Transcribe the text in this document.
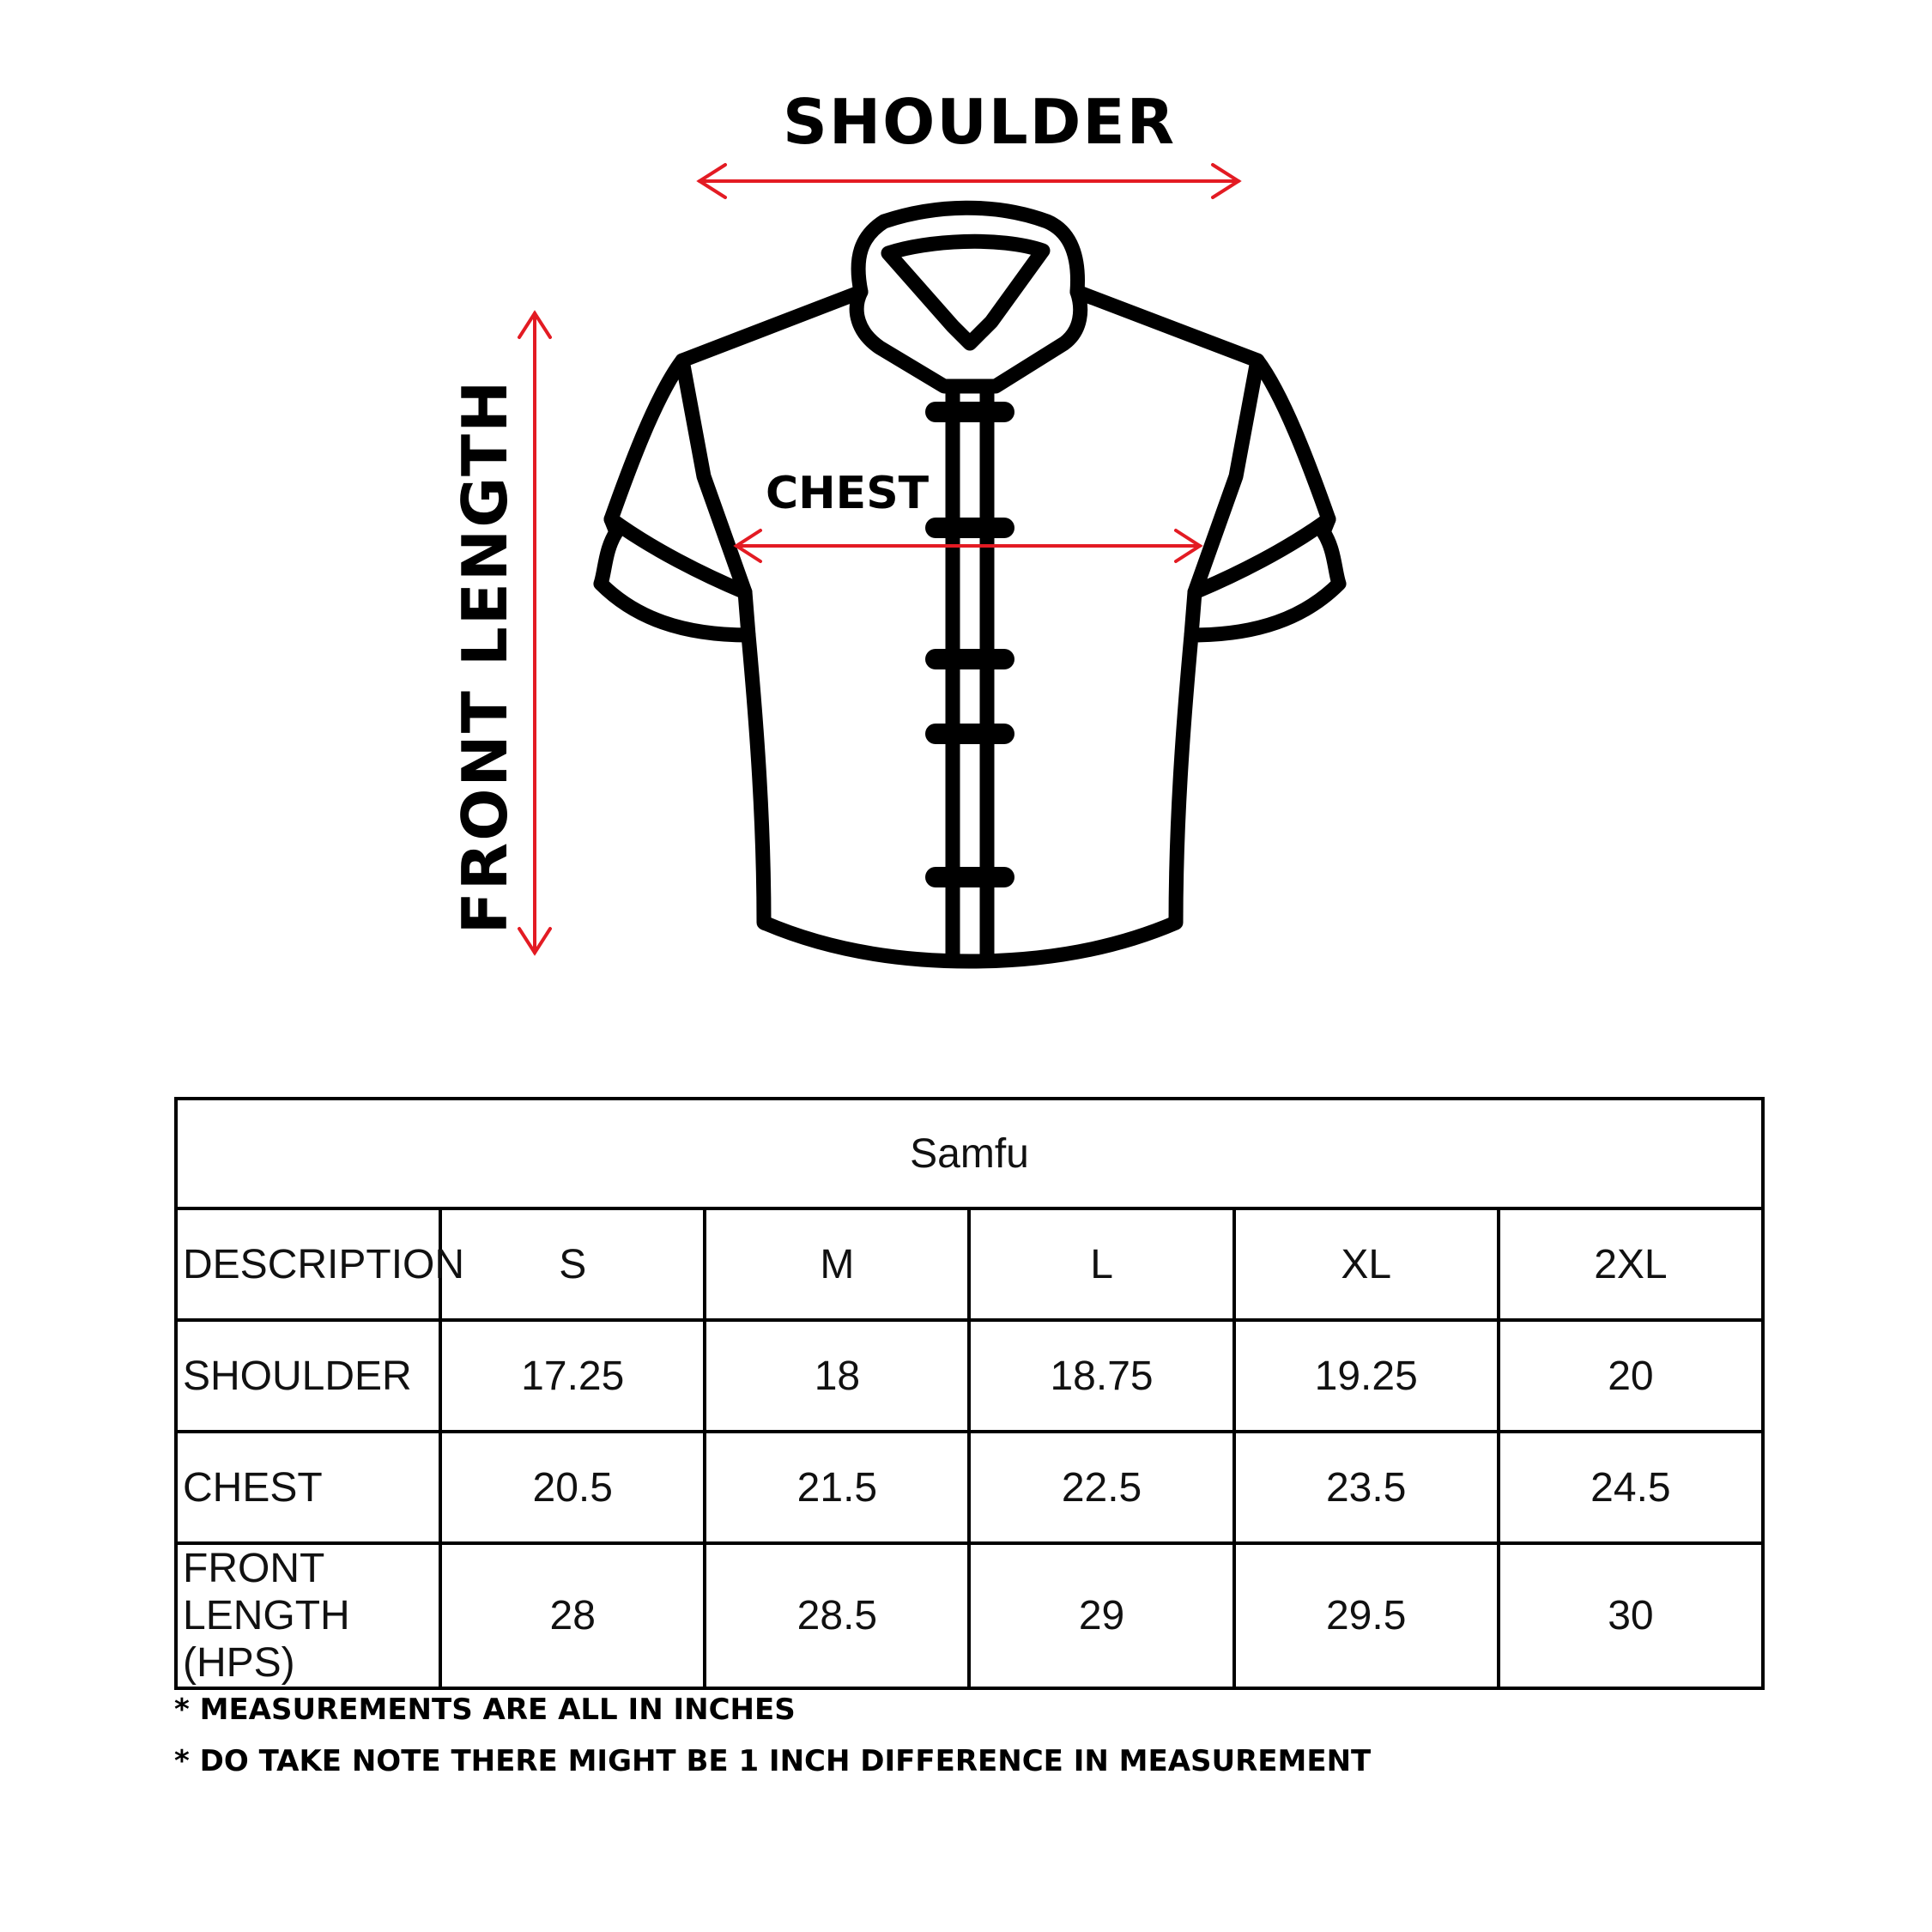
SHOULDER
CHEST
FRONT LENGTH
Samfu					
DESCRIPTION	S	M	L	XL	2XL
SHOULDER	17.25	18	18.75	19.25	20
CHEST	20.5	21.5	22.5	23.5	24.5
FRONT LENGTH (HPS)	28	28.5	29	29.5	30
* MEASUREMENTS ARE ALL IN INCHES
* DO TAKE NOTE THERE MIGHT BE 1 INCH DIFFERENCE IN MEASUREMENT
